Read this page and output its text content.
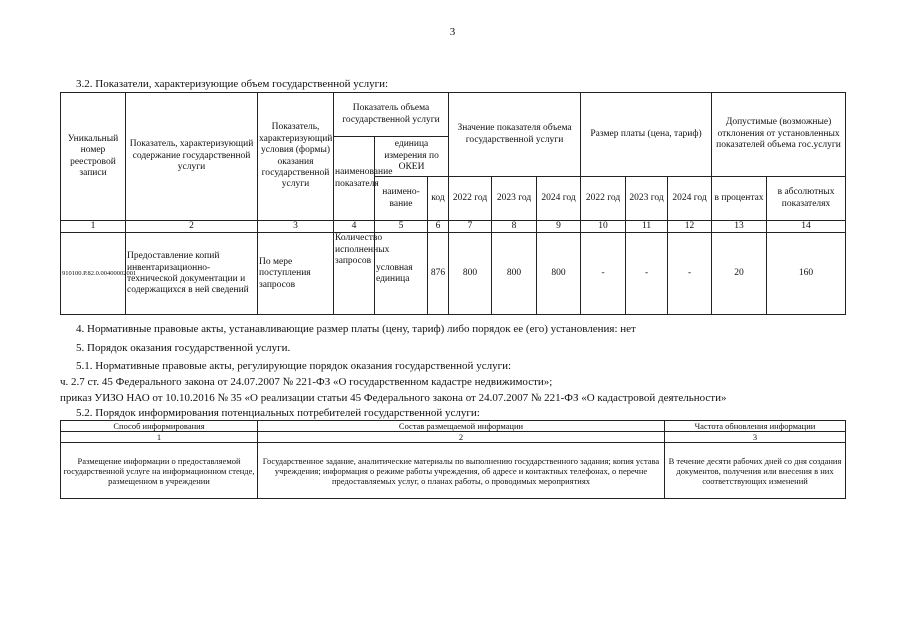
3
3.2. Показатели, характеризующие объем государственной услуги:
Уникальный номер реестровой записи	Показатель, характеризующий содержание государственной услуги	Показатель, характеризующий условия (формы) оказания государственной услуги	Показатель объема государственной услуги			Значение показателя объема государственной услуги			Размер платы (цена, тариф)			Допустимые (возможные) отклонения от установленных показателей объема гос.услуги	
			наименование показателя	единица измерения по ОКЕИ									
				наимено-вание	код	2022 год	2023 год	2024 год	2022 год	2023 год	2024 год	в процентах	в абсолютных показателях
1	2	3	4	5	6	7	8	9	10	11	12	13	14
910100.Р.82.0.00400002001	Предоставление копий инвентаризационно-технической документации и содержащихся в ней сведений	По мере поступления запросов	Количество исполненных запросов	условная единица	876	800	800	800	-	-	-	20	160
4. Нормативные правовые акты, устанавливающие размер платы (цену, тариф) либо порядок ее (его) установления: нет
5. Порядок оказания государственной услуги.
5.1. Нормативные правовые акты, регулирующие порядок оказания государственной услуги:
ч. 2.7 ст. 45 Федерального закона от 24.07.2007 № 221-ФЗ «О государственном кадастре недвижимости»;
приказ УИЗО НАО от 10.10.2016 № 35 «О реализации статьи 45 Федерального закона от 24.07.2007 № 221-ФЗ «О кадастровой деятельности»
5.2. Порядок информирования потенциальных потребителей государственной услуги:
Способ информирования	Состав размещаемой информации	Частота обновления информации
1	2	3
Размещение информации о предоставляемой государственной услуге на информационном стенде, размещенном в учреждении	Государственное задание, аналитические материалы по выполнению государственного задания; копия устава учреждения; информация о режиме работы учреждения, об адресе и контактных телефонах, о перечне предоставляемых услуг, о планах работы, о проводимых мероприятиях	В течение десяти рабочих дней со дня создания документов, получения или внесения в них соответствующих изменений
